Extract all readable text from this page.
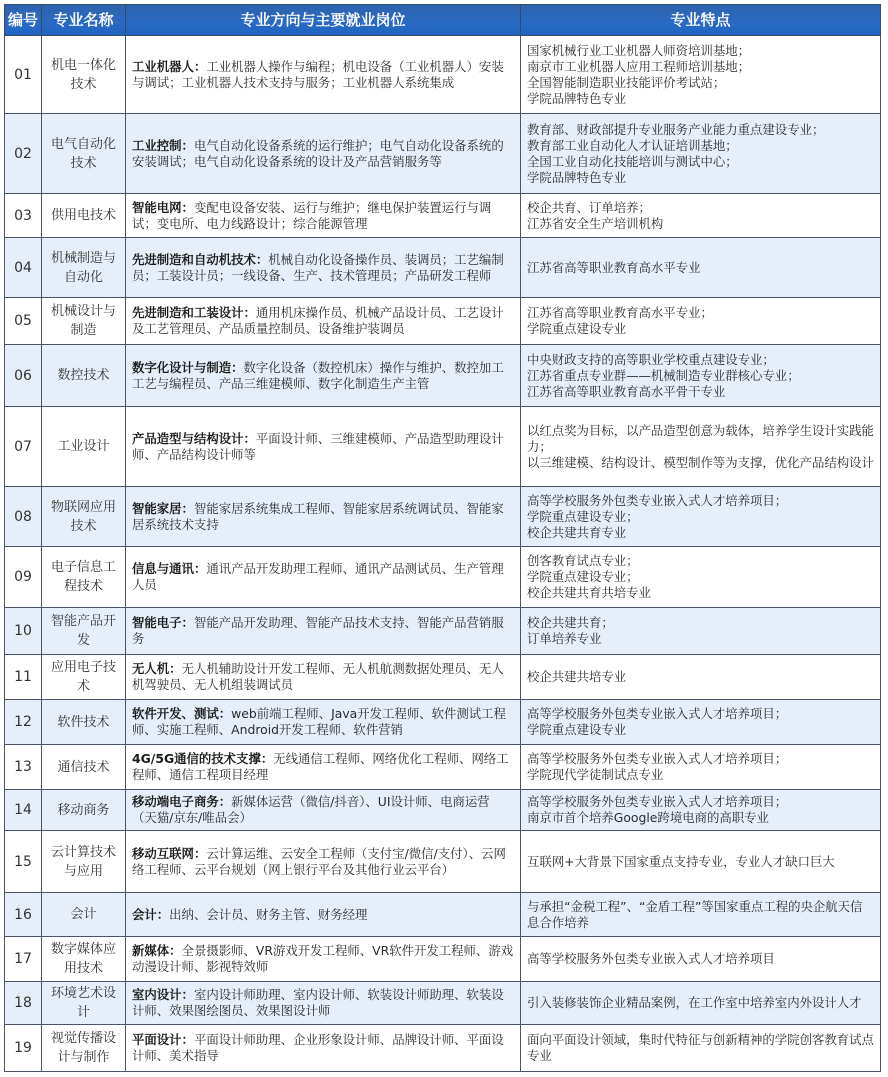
编号	专业名称	专业方向与主要就业岗位	专业特点
01	机电一体化技术	工业机器人：工业机器人操作与编程；机电设备（工业机器人）安装与调试；工业机器人技术支持与服务；工业机器人系统集成	国家机械行业工业机器人师资培训基地；
南京市工业机器人应用工程师培训基地；
全国智能制造职业技能评价考试站；
学院品牌特色专业

02	电气自动化技术	工业控制：电气自动化设备系统的运行维护；电气自动化设备系统的安装调试；电气自动化设备系统的设计及产品营销服务等	教育部、财政部提升专业服务产业能力重点建设专业；
教育部工业自动化人才认证培训基地；
全国工业自动化技能培训与测试中心；
学院品牌特色专业

03	供用电技术	智能电网：变配电设备安装、运行与维护；继电保护装置运行与调试；变电所、电力线路设计；综合能源管理	校企共育、订单培养；
江苏省安全生产培训机构

04	机械制造与自动化	先进制造和自动机技术：机械自动化设备操作员、装调员；工艺编制员；工装设计员；一线设备、生产、技术管理员；产品研发工程师	江苏省高等职业教育高水平专业

05	机械设计与制造	先进制造和工装设计：通用机床操作员、机械产品设计员、工艺设计及工艺管理员、产品质量控制员、设备维护装调员	江苏省高等职业教育高水平专业；
学院重点建设专业

06	数控技术	数字化设计与制造：数字化设备（数控机床）操作与维护、数控加工工艺与编程员、产品三维建模师、数字化制造生产主管	中央财政支持的高等职业学校重点建设专业；
江苏省重点专业群——机械制造专业群核心专业；
江苏省高等职业教育高水平骨干专业

07	工业设计	产品造型与结构设计：平面设计师、三维建模师、产品造型助理设计师、产品结构设计师等	以红点奖为目标，以产品造型创意为载体，培养学生设计实践能力；
以三维建模、结构设计、模型制作等为支撑，优化产品结构设计

08	物联网应用技术	智能家居：智能家居系统集成工程师、智能家居系统调试员、智能家居系统技术支持	高等学校服务外包类专业嵌入式人才培养项目；
学院重点建设专业；
校企共建共育专业

09	电子信息工程技术	信息与通讯：通讯产品开发助理工程师、通讯产品测试员、生产管理人员	创客教育试点专业；
学院重点建设专业；
校企共建共育共培专业

10	智能产品开发	智能电子：智能产品开发助理、智能产品技术支持、智能产品营销服务	校企共建共育；
订单培养专业

11	应用电子技术	无人机：无人机辅助设计开发工程师、无人机航测数据处理员、无人机驾驶员、无人机组装调试员	校企共建共培专业

12	软件技术	软件开发、测试：web前端工程师、Java开发工程师、软件测试工程师、实施工程师、Android开发工程师、软件营销	高等学校服务外包类专业嵌入式人才培养项目；
学院重点建设专业

13	通信技术	4G/5G通信的技术支撑：无线通信工程师、网络优化工程师、网络工程师、通信工程项目经理	高等学校服务外包类专业嵌入式人才培养项目；
学院现代学徒制试点专业

14	移动商务	移动端电子商务：新媒体运营（微信/抖音）、UI设计师、电商运营（天猫/京东/唯品会）	高等学校服务外包类专业嵌入式人才培养项目；
南京市首个培养Google跨境电商的高职专业

15	云计算技术与应用	移动互联网：云计算运维、云安全工程师（支付宝/微信/支付）、云网络工程师、云平台规划（网上银行平台及其他行业云平台）	互联网+大背景下国家重点支持专业，专业人才缺口巨大

16	会计	会计：出纳、会计员、财务主管、财务经理	与承担“金税工程”、“金盾工程”等国家重点工程的央企航天信息合作培养

17	数字媒体应用技术	新媒体：全景摄影师、VR游戏开发工程师、VR软件开发工程师、游戏动漫设计师、影视特效师	高等学校服务外包类专业嵌入式人才培养项目

18	环境艺术设计	室内设计：室内设计师助理、室内设计师、软装设计师助理、软装设计师、效果图绘图员、效果图设计师	引入装修装饰企业精品案例，在工作室中培养室内外设计人才

19	视觉传播设计与制作	平面设计：平面设计师助理、企业形象设计师、品牌设计师、平面设计师、美术指导	面向平面设计领域，集时代特征与创新精神的学院创客教育试点专业
